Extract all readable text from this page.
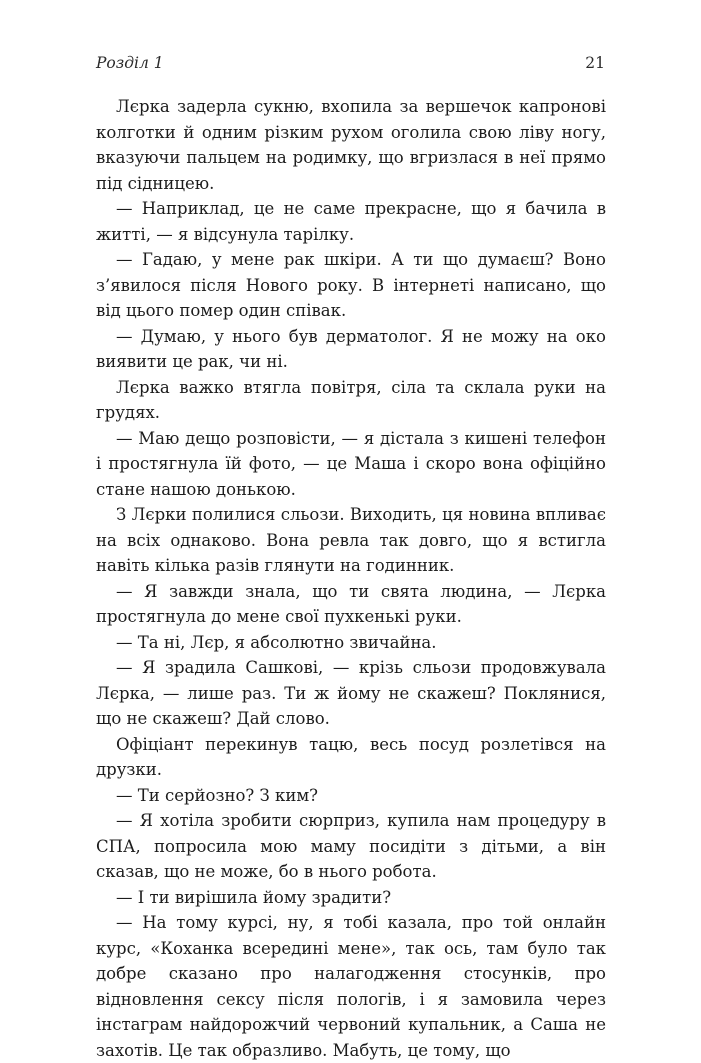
Розділ 1	21

Лєрка задерла сукню, вхопила за вершечок капронові колготки й одним різким рухом оголила свою ліву ногу, вказуючи пальцем на родимку, що вгризлася в неї прямо під сідницею.

— Наприклад, це не саме прекрасне, що я бачила в житті, — я відсунула тарілку.

— Гадаю, у мене рак шкіри. А ти що думаєш? Воно з’явилося після Нового року. В інтернеті написано, що від цього помер один співак.

— Думаю, у нього був дерматолог. Я не можу на око виявити це рак, чи ні.

Лєрка важко втягла повітря, сіла та склала руки на грудях.

— Маю дещо розповісти, — я дістала з кишені телефон і простягнула їй фото, — це Маша і скоро вона офіційно стане нашою донькою.

З Лєрки полилися сльози. Виходить, ця новина впливає на всіх однаково. Вона ревла так довго, що я встигла навіть кілька разів глянути на годинник.

— Я завжди знала, що ти свята людина, — Лєрка простягнула до мене свої пухкенькі руки.

— Та ні, Лєр, я абсолютно звичайна.

— Я зрадила Сашкові, — крізь сльози продовжувала Лєрка, — лише раз. Ти ж йому не скажеш? Поклянися, що не скажеш? Дай слово.

Офіціант перекинув тацю, весь посуд розлетівся на друзки.

— Ти серйозно? З ким?

— Я хотіла зробити сюрприз, купила нам процедуру в СПА, попросила мою маму посидіти з дітьми, а він сказав, що не може, бо в нього робота.

— І ти вирішила йому зрадити?

— На тому курсі, ну, я тобі казала, про той онлайн курс, «Коханка всередині мене», так ось, там було так добре сказано про налагодження стосунків, про відновлення сексу після пологів, і я замовила через інстаграм найдорожчий червоний купальник, а Саша не захотів. Це так образливо. Мабуть, це тому, що
